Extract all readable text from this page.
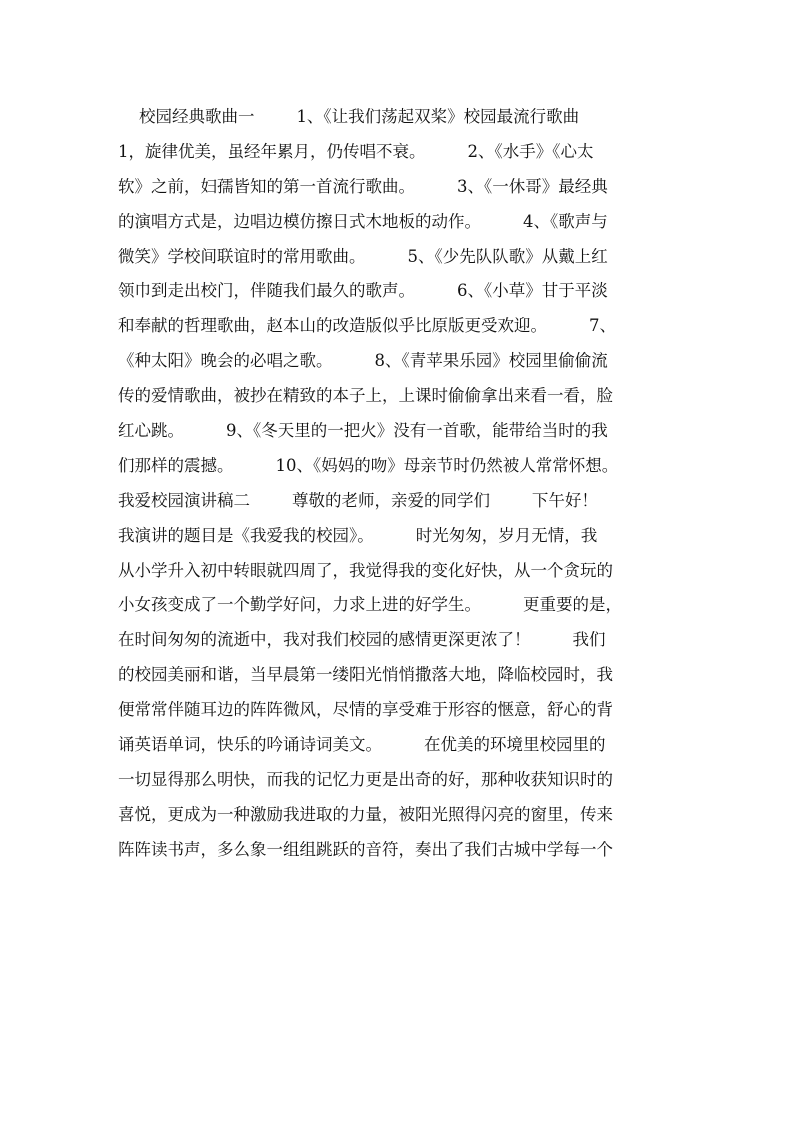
校园经典歌曲一        1、《让我们荡起双桨》校园最流行歌曲
1，旋律优美，虽经年累月，仍传唱不衰。        2、《水手》《心太
软》之前，妇孺皆知的第一首流行歌曲。        3、《一休哥》最经典
的演唱方式是，边唱边模仿擦日式木地板的动作。        4、《歌声与
微笑》学校间联谊时的常用歌曲。        5、《少先队队歌》从戴上红
领巾到走出校门，伴随我们最久的歌声。        6、《小草》甘于平淡
和奉献的哲理歌曲，赵本山的改造版似乎比原版更受欢迎。        7、
《种太阳》晚会的必唱之歌。        8、《青苹果乐园》校园里偷偷流
传的爱情歌曲，被抄在精致的本子上，上课时偷偷拿出来看一看，脸
红心跳。        9、《冬天里的一把火》没有一首歌，能带给当时的我
们那样的震撼。        10、《妈妈的吻》母亲节时仍然被人常常怀想。
我爱校园演讲稿二        尊敬的老师，亲爱的同学们        下午好！
我演讲的题目是《我爱我的校园》。        时光匆匆，岁月无情，我
从小学升入初中转眼就四周了，我觉得我的变化好快，从一个贪玩的
小女孩变成了一个勤学好问，力求上进的好学生。        更重要的是，
在时间匆匆的流逝中，我对我们校园的感情更深更浓了！        我们
的校园美丽和谐，当早晨第一缕阳光悄悄撒落大地，降临校园时，我
便常常伴随耳边的阵阵微风，尽情的享受难于形容的惬意，舒心的背
诵英语单词，快乐的吟诵诗词美文。        在优美的环境里校园里的
一切显得那么明快，而我的记忆力更是出奇的好，那种收获知识时的
喜悦，更成为一种激励我进取的力量，被阳光照得闪亮的窗里，传来
阵阵读书声，多么象一组组跳跃的音符，奏出了我们古城中学每一个
